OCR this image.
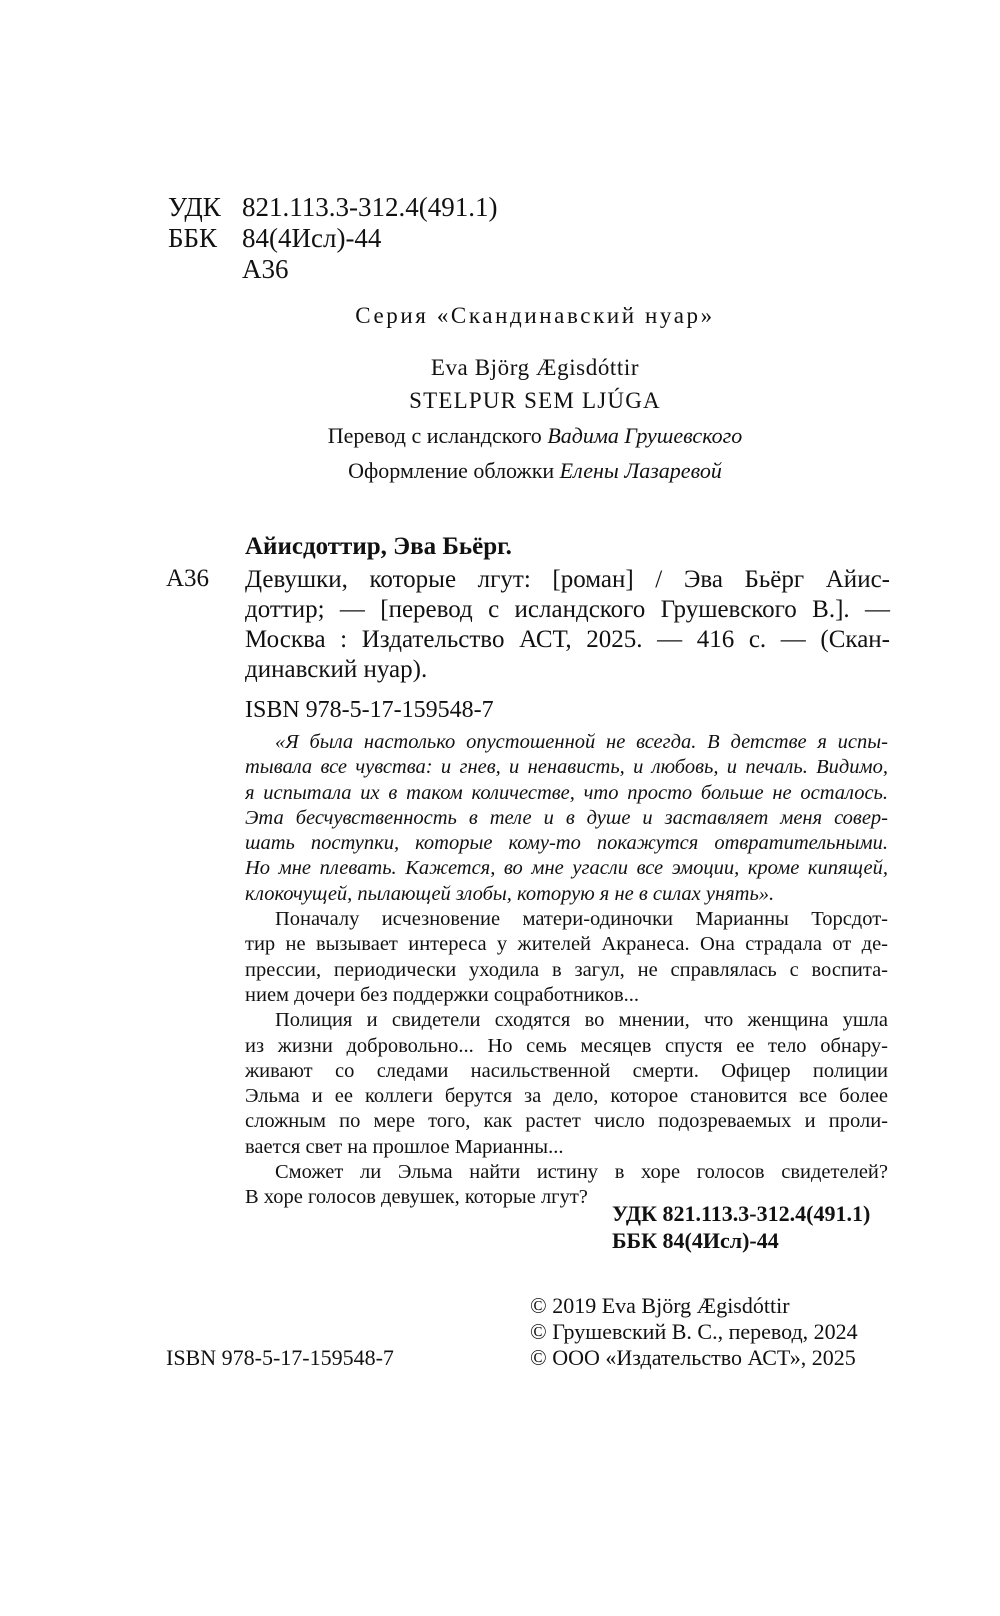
УДК 821.113.3-312.4(491.1)
ББК 84(4Исл)-44
А36
Серия «Скандинавский нуар»
Eva Björg Ægisdóttir
STELPUR SEM LJÚGA
Перевод с исландского Вадима Грушевского
Оформление обложки Елены Лазаревой
Айисдоттир, Эва Бьёрг.
А36 Девушки, которые лгут: [роман] / Эва Бьёрг Айис-
доттир; — [перевод с исландского Грушевского В.]. —
Москва : Издательство АСТ, 2025. — 416 с. — (Скан-
динавский нуар).
ISBN 978-5-17-159548-7
«Я была настолько опустошенной не всегда. В детстве я испы-
тывала все чувства: и гнев, и ненависть, и любовь, и печаль. Видимо,
я испытала их в таком количестве, что просто больше не осталось.
Эта бесчувственность в теле и в душе и заставляет меня совер-
шать поступки, которые кому-то покажутся отвратительными.
Но мне плевать. Кажется, во мне угасли все эмоции, кроме кипящей,
клокочущей, пылающей злобы, которую я не в силах унять».
Поначалу исчезновение матери-одиночки Марианны Торсдот-
тир не вызывает интереса у жителей Акранеса. Она страдала от де-
прессии, периодически уходила в загул, не справлялась с воспита-
нием дочери без поддержки соцработников...
Полиция и свидетели сходятся во мнении, что женщина ушла
из жизни добровольно... Но семь месяцев спустя ее тело обнару-
живают со следами насильственной смерти. Офицер полиции
Эльма и ее коллеги берутся за дело, которое становится все более
сложным по мере того, как растет число подозреваемых и проли-
вается свет на прошлое Марианны...
Сможет ли Эльма найти истину в хоре голосов свидетелей?
В хоре голосов девушек, которые лгут?
УДК 821.113.3-312.4(491.1)
ББК 84(4Исл)-44
© 2019 Eva Björg Ægisdóttir
© Грушевский В. С., перевод, 2024
© ООО «Издательство АСТ», 2025
ISBN 978-5-17-159548-7
